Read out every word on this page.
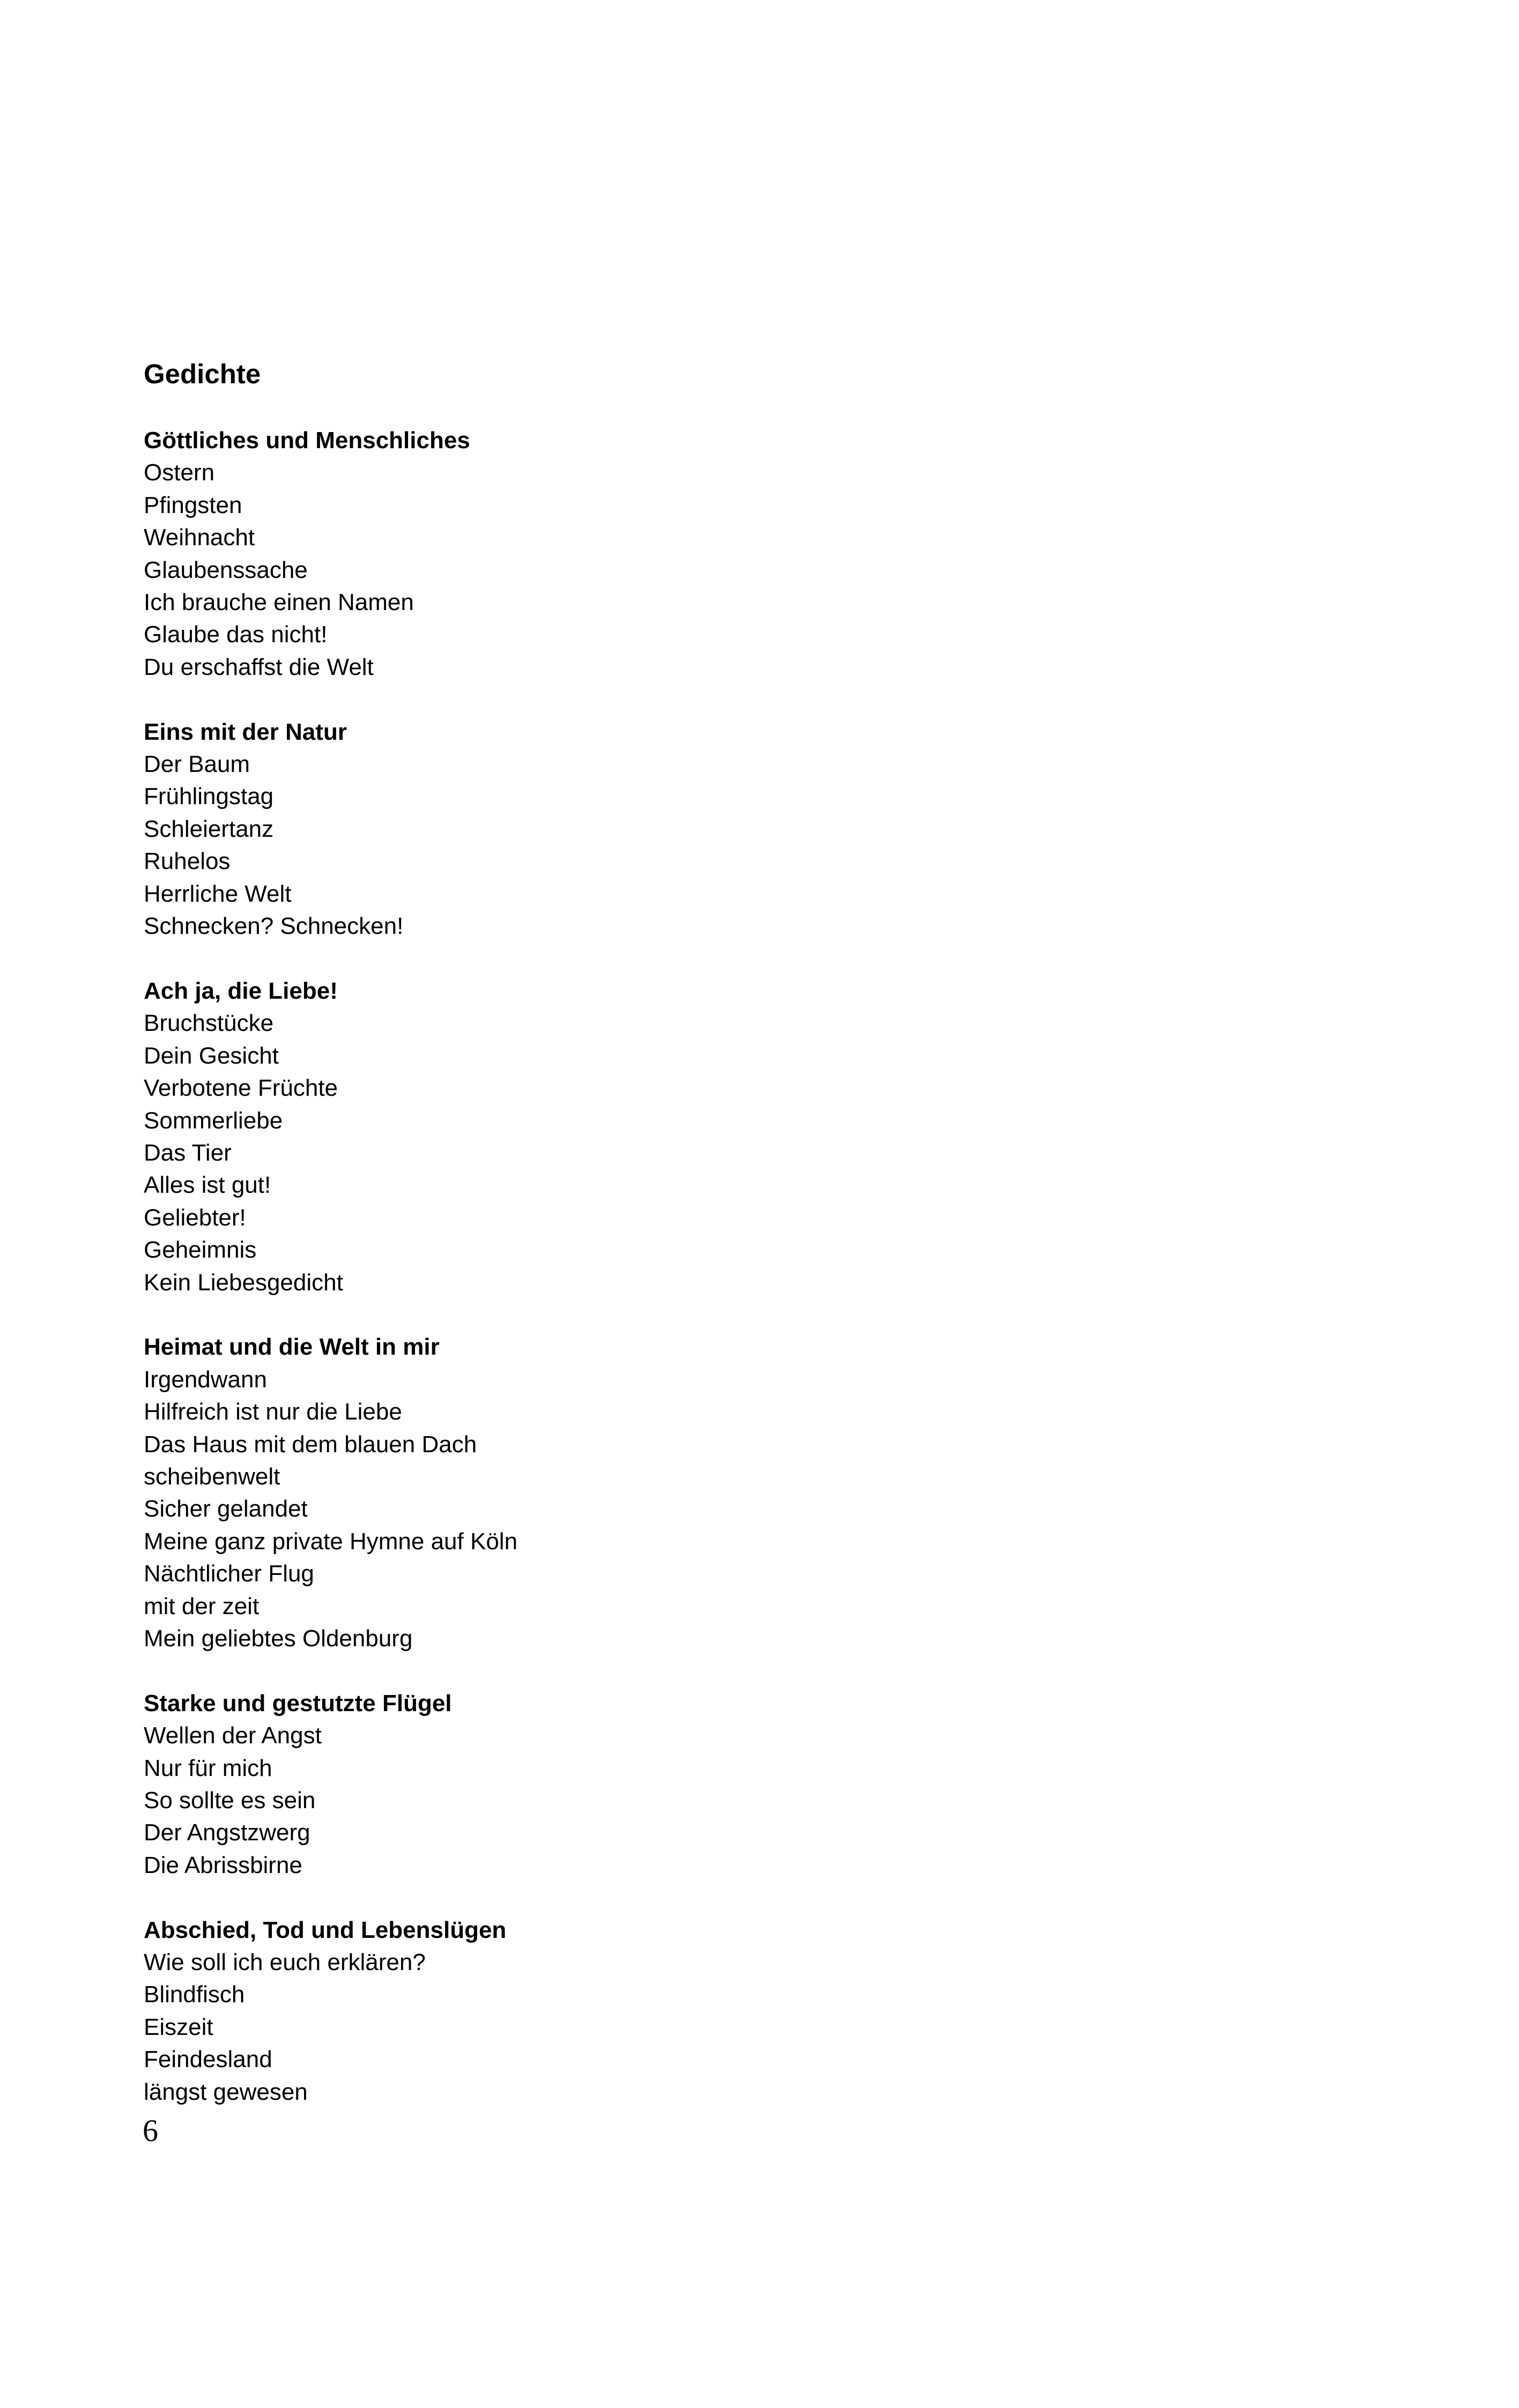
Gedichte
Göttliches und Menschliches
Ostern
Pfingsten
Weihnacht
Glaubenssache
Ich brauche einen Namen
Glaube das nicht!
Du erschaffst die Welt
Eins mit der Natur
Der Baum
Frühlingstag
Schleiertanz
Ruhelos
Herrliche Welt
Schnecken? Schnecken!
Ach ja, die Liebe!
Bruchstücke
Dein Gesicht
Verbotene Früchte
Sommerliebe
Das Tier
Alles ist gut!
Geliebter!
Geheimnis
Kein Liebesgedicht
Heimat und die Welt in mir
Irgendwann
Hilfreich ist nur die Liebe
Das Haus mit dem blauen Dach
scheibenwelt
Sicher gelandet
Meine ganz private Hymne auf Köln
Nächtlicher Flug
mit der zeit
Mein geliebtes Oldenburg
Starke und gestutzte Flügel
Wellen der Angst
Nur für mich
So sollte es sein
Der Angstzwerg
Die Abrissbirne
Abschied, Tod und Lebenslügen
Wie soll ich euch erklären?
Blindfisch
Eiszeit
Feindesland
längst gewesen
6
